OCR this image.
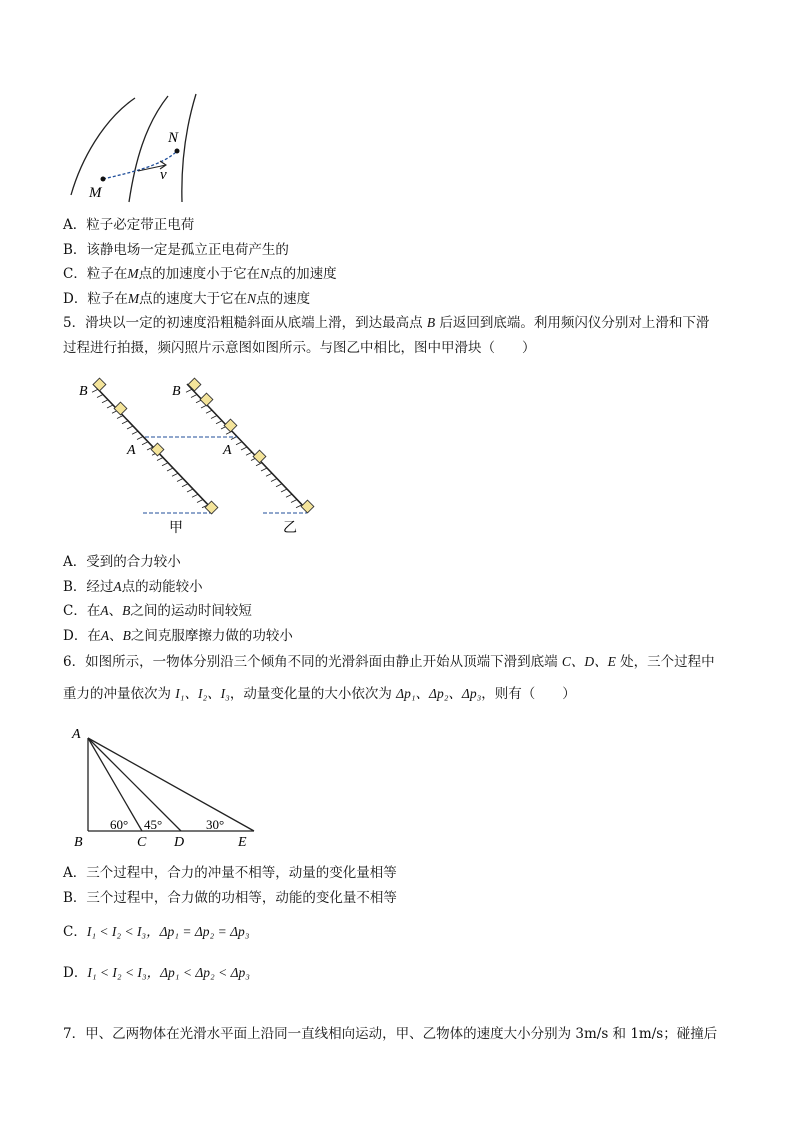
N
M
v
A．粒子必定带正电荷
B．该静电场一定是孤立正电荷产生的
C．粒子在M点的加速度小于它在N点的加速度
D．粒子在M点的速度大于它在N点的速度
5．滑块以一定的初速度沿粗糙斜面从底端上滑，到达最高点 B 后返回到底端。利用频闪仪分别对上滑和下滑
过程进行拍摄，频闪照片示意图如图所示。与图乙中相比，图中甲滑块（　　）
B
A
B
A
甲	乙
A．受到的合力较小
B．经过A点的动能较小
C．在A、B之间的运动时间较短
D．在A、B之间克服摩擦力做的功较小
6．如图所示，一物体分别沿三个倾角不同的光滑斜面由静止开始从顶端下滑到底端 C、D、E 处，三个过程中
重力的冲量依次为 I₁、I₂、I₃，动量变化量的大小依次为 Δp₁、Δp₂、Δp₃，则有（　　）
A
B	C D	E
60° 45°	30°
A．三个过程中，合力的冲量不相等，动量的变化量相等
B．三个过程中，合力做的功相等，动能的变化量不相等
C．I₁ < I₂ < I₃，Δp₁ = Δp₂ = Δp₃
D．I₁ < I₂ < I₃，Δp₁ < Δp₂ < Δp₃
7．甲、乙两物体在光滑水平面上沿同一直线相向运动，甲、乙物体的速度大小分别为 3m/s 和 1m/s；碰撞后
